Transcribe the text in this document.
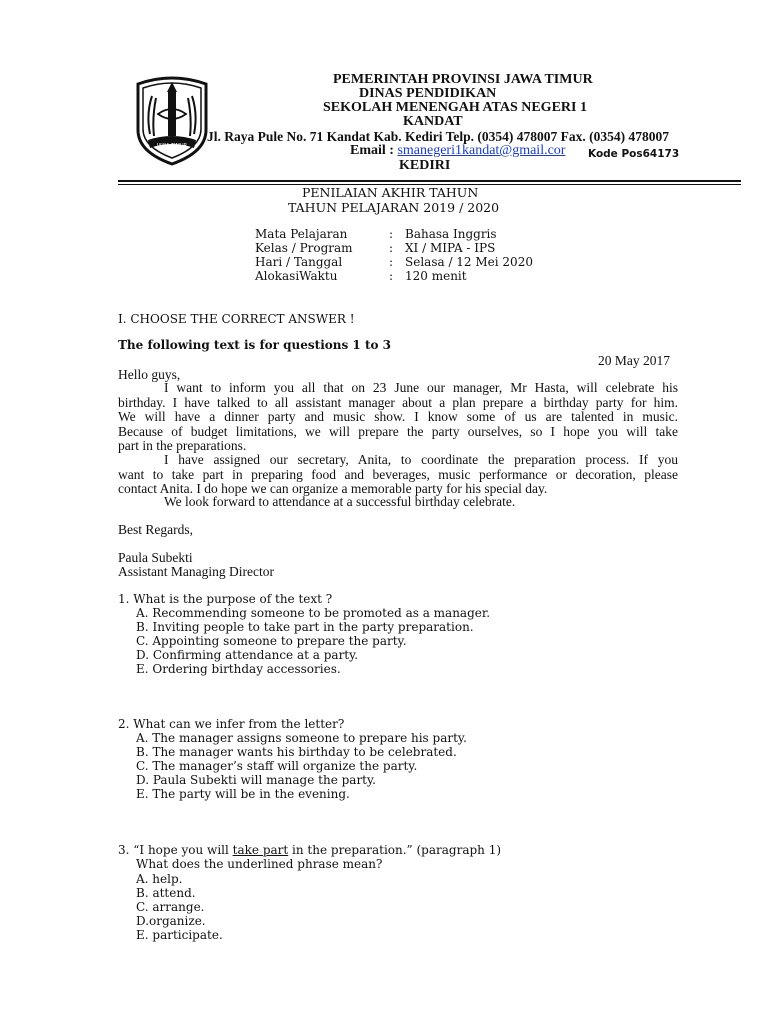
JAWA TIMUR
PEMERINTAH PROVINSI JAWA TIMUR
DINAS PENDIDIKAN
SEKOLAH MENENGAH ATAS NEGERI 1
KANDAT
Jl. Raya Pule No. 71 Kandat Kab. Kediri Telp. (0354) 478007 Fax. (0354) 478007
Email : smanegeri1kandat@gmail.cor Kode Pos64173
KEDIRI
PENILAIAN AKHIR TAHUN
TAHUN PELAJARAN 2019 / 2020
Mata Pelajaran	: Bahasa Inggris
Kelas / Program	: XI / MIPA - IPS
Hari / Tanggal	: Selasa / 12 Mei 2020
AlokasiWaktu	: 120 menit
I. CHOOSE THE CORRECT ANSWER !
The following text is for questions 1 to 3
20 May 2017
Hello guys,
I want to inform you all that on 23 June our manager, Mr Hasta, will celebrate his
birthday. I have talked to all assistant manager about a plan prepare a birthday party for him.
We will have a dinner party and music show. I know some of us are talented in music.
Because of budget limitations, we will prepare the party ourselves, so I hope you will take
part in the preparations.
I have assigned our secretary, Anita, to coordinate the preparation process. If you
want to take part in preparing food and beverages, music performance or decoration, please
contact Anita. I do hope we can organize a memorable party for his special day.
We look forward to attendance at a successful birthday celebrate.
Best Regards,
Paula Subekti
Assistant Managing Director
1. What is the purpose of the text ?
A. Recommending someone to be promoted as a manager.
B. Inviting people to take part in the party preparation.
C. Appointing someone to prepare the party.
D. Confirming attendance at a party.
E. Ordering birthday accessories.
2. What can we infer from the letter?
A. The manager assigns someone to prepare his party.
B. The manager wants his birthday to be celebrated.
C. The manager’s staff will organize the party.
D. Paula Subekti will manage the party.
E. The party will be in the evening.
3. “I hope you will take part in the preparation.” (paragraph 1)
What does the underlined phrase mean?
A. help.
B. attend.
C. arrange.
D.organize.
E. participate.
